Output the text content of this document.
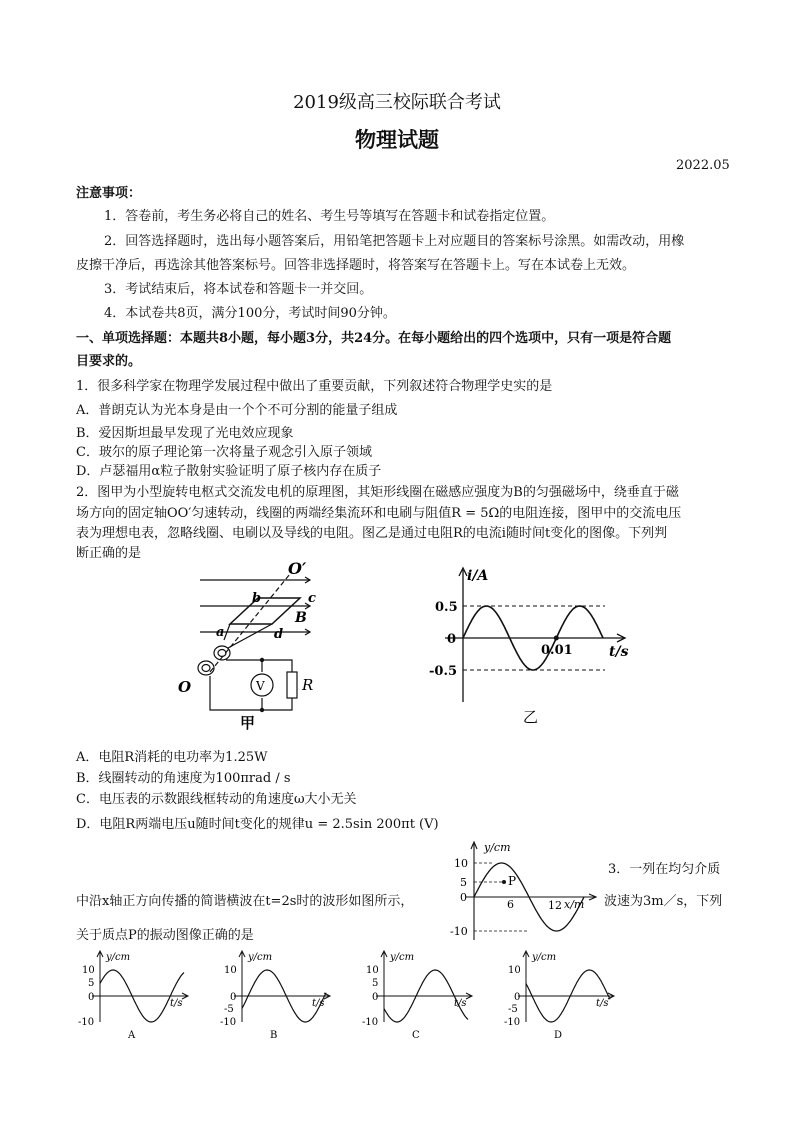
2019级高三校际联合考试
物理试题
2022.05
注意事项：
1．答卷前，考生务必将自己的姓名、考生号等填写在答题卡和试卷指定位置。
2．回答选择题时，选出每小题答案后，用铅笔把答题卡上对应题目的答案标号涂黑。如需改动，用橡
皮擦干净后，再选涂其他答案标号。回答非选择题时，将答案写在答题卡上。写在本试卷上无效。
3．考试结束后，将本试卷和答题卡一并交回。
4．本试卷共8页，满分100分，考试时间90分钟。
一、单项选择题：本题共8小题，每小题3分，共24分。在每小题给出的四个选项中，只有一项是符合题
目要求的。
1．很多科学家在物理学发展过程中做出了重要贡献，下列叙述符合物理学史实的是
A．普朗克认为光本身是由一个个不可分割的能量子组成
B．爱因斯坦最早发现了光电效应现象
C．玻尔的原子理论第一次将量子观念引入原子领域
D．卢瑟福用α粒子散射实验证明了原子核内存在质子
2．图甲为小型旋转电枢式交流发电机的原理图，其矩形线圈在磁感应强度为B的匀强磁场中，绕垂直于磁
场方向的固定轴OO′匀速转动，线圈的两端经集流环和电刷与阻值R = 5Ω的电阻连接，图甲中的交流电压
表为理想电表，忽略线圈、电刷以及导线的电阻。图乙是通过电阻R的电流i随时间t变化的图像。下列判
断正确的是
O′
b	c
B
a	d
O	V R
甲
i/A
0.5
0
-0.5
0.01	t/s
乙
A．电阻R消耗的电功率为1.25W
B．线圈转动的角速度为100πrad / s
C．电压表的示数跟线框转动的角速度ω大小无关
D．电阻R两端电压u随时间t变化的规律u = 2.5sin 200πt (V)
3．一列在均匀介质
中沿x轴正方向传播的简谐横波在t=2s时的波形如图所示，	波速为3m／s，下列
关于质点P的振动图像正确的是
y/cm
10
5
0
-10
6	12
P
x/m
y/cm
10
5
0
-10
t/s
A
y/cm
10
0
-5
-10
t/s
B
y/cm
10
5
0
-10
t/s
C
y/cm
10
0
-5
-10
t/s
D
